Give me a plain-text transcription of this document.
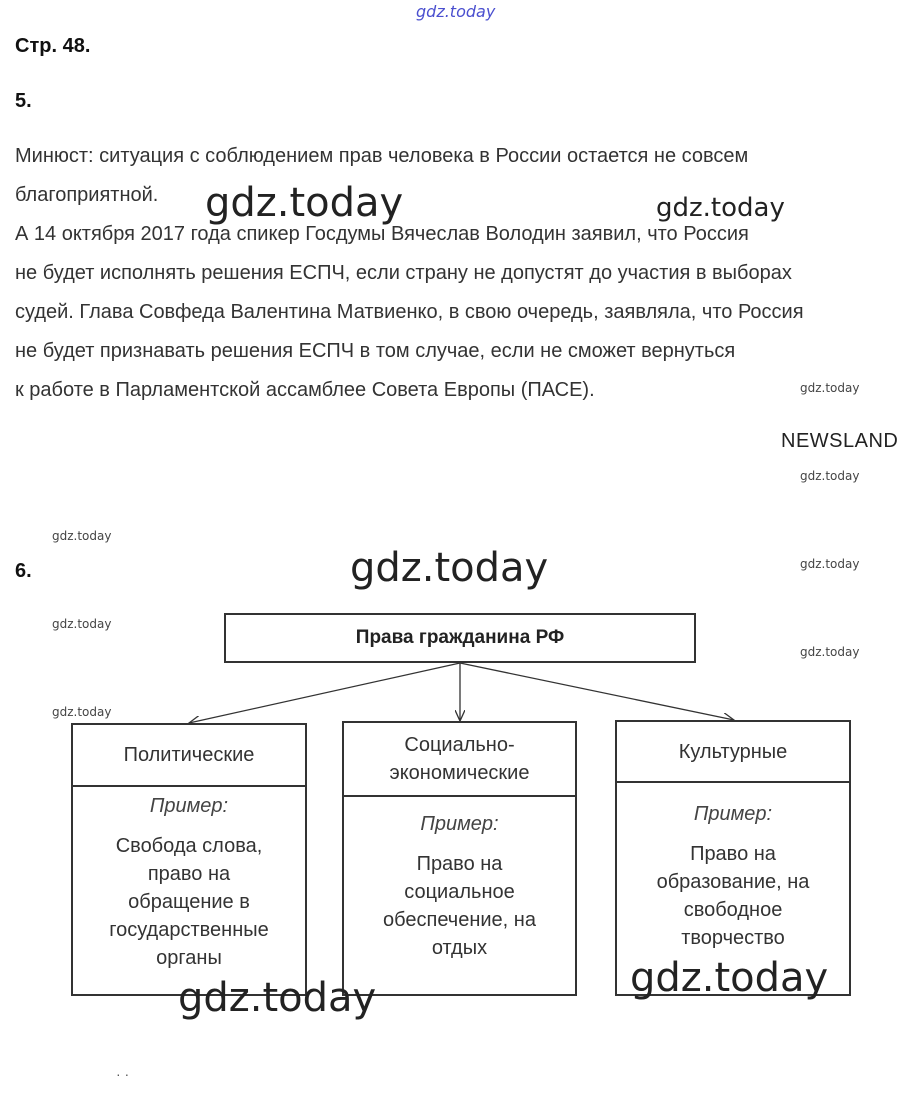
gdz.today
Стр. 48.
5.
Минюст: ситуация с соблюдением прав человека в России остается не совсем
благоприятной.
А 14 октября 2017 года спикер Госдумы Вячеслав Володин заявил, что Россия
не будет исполнять решения ЕСПЧ, если страну не допустят до участия в выборах
судей. Глава Совфеда Валентина Матвиенко, в свою очередь, заявляла, что Россия
не будет признавать решения ЕСПЧ в том случае, если не сможет вернуться
к работе в Парламентской ассамблее Совета Европы (ПАСЕ).
NEWSLAND
gdz.today	gdz.today
gdz.today
gdz.today
6.
gdz.today
gdz.today
gdz.today
gdz.today
gdz.today
gdz.today
Права гражданина РФ
Политические
Пример:
Свобода слова,
право на
обращение в
государственные
органы
Социально-
экономические
Пример:
Право на
социальное
обеспечение, на
отдых
Культурные
Пример:
Право на
образование, на
свободное
творчество
gdz.today	gdz.today
· ·
